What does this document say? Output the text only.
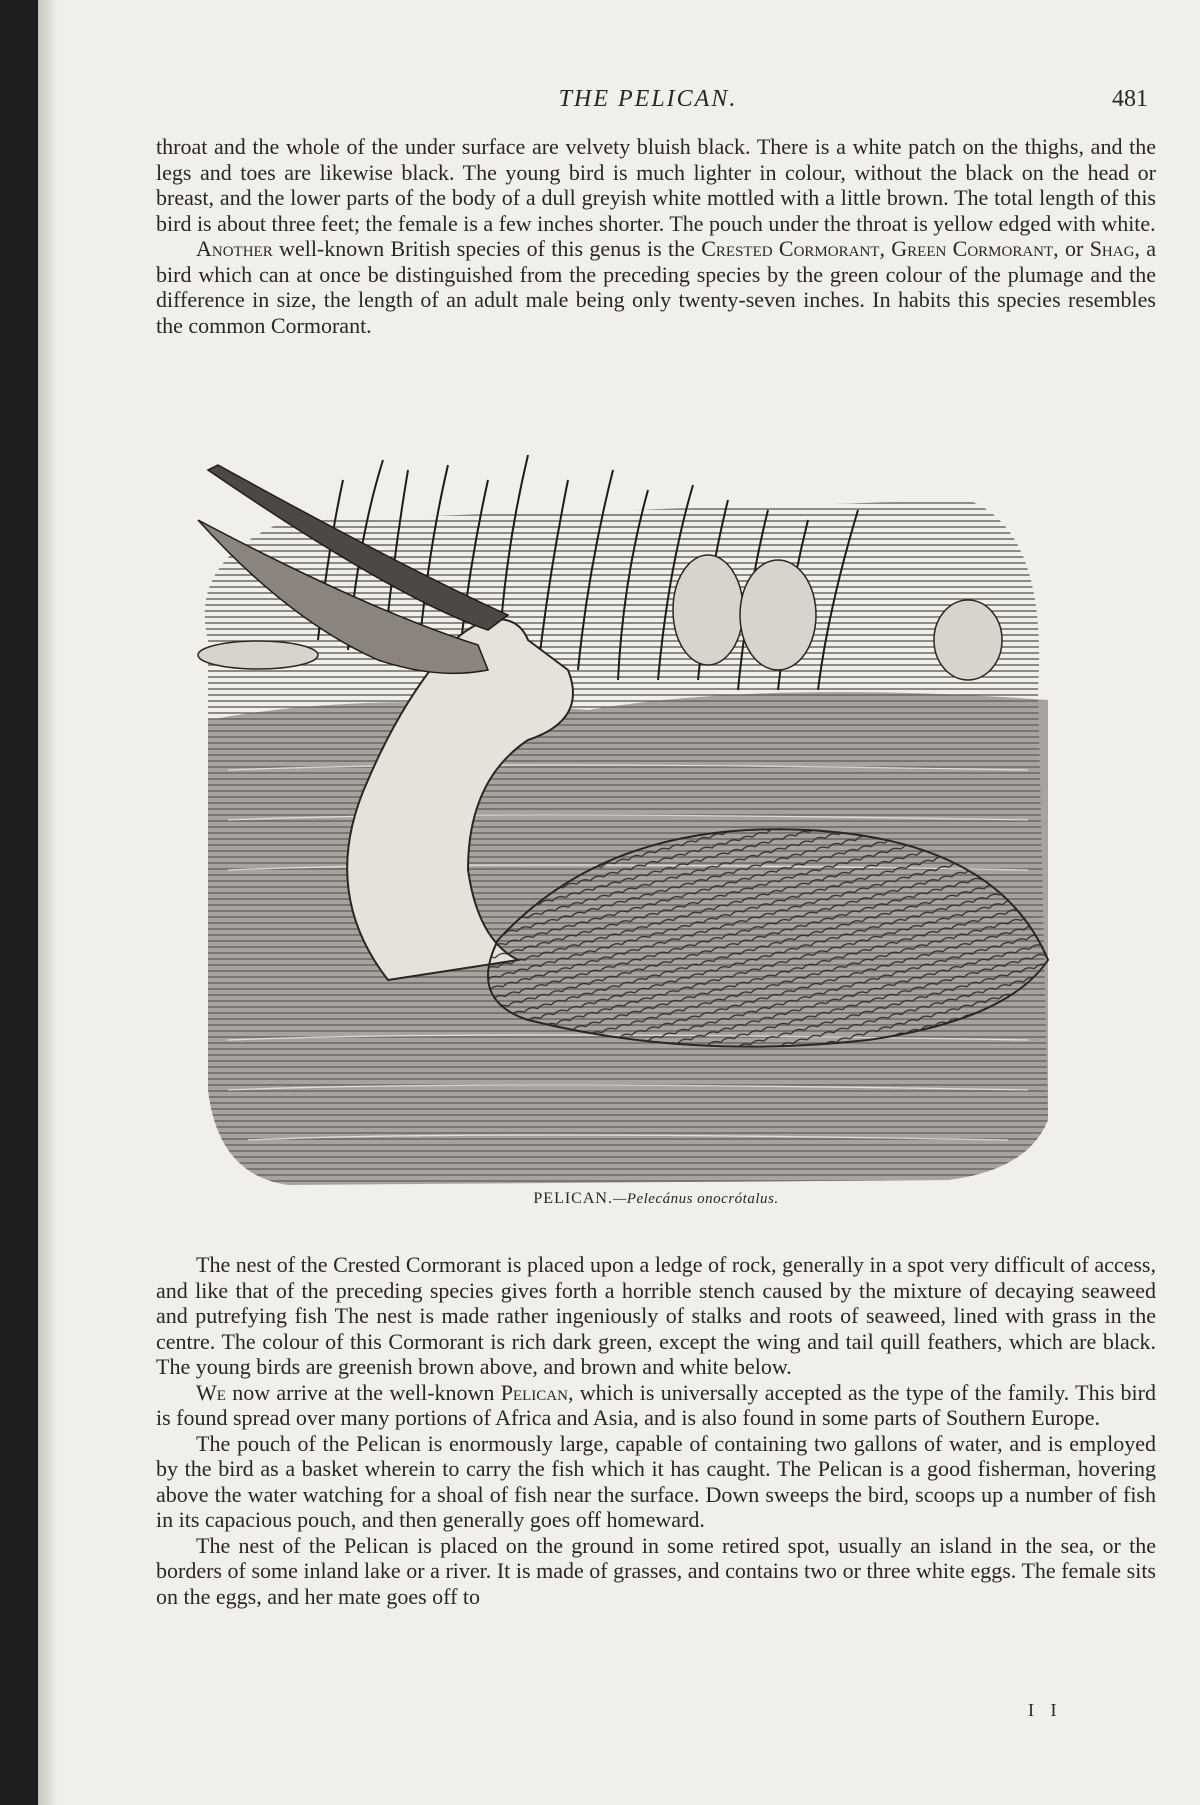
THE PELICAN.	481

throat and the whole of the under surface are velvety bluish black. There is a white patch on the thighs, and the legs and toes are likewise black. The young bird is much lighter in colour, without the black on the head or breast, and the lower parts of the body of a dull greyish white mottled with a little brown. The total length of this bird is about three feet; the female is a few inches shorter. The pouch under the throat is yellow edged with white.

Another well-known British species of this genus is the Crested Cormorant, Green Cormorant, or Shag, a bird which can at once be distinguished from the preceding species by the green colour of the plumage and the difference in size, the length of an adult male being only twenty-seven inches. In habits this species resembles the common Cormorant.

PELICAN.—Pelecánus onocrótalus.

The nest of the Crested Cormorant is placed upon a ledge of rock, generally in a spot very difficult of access, and like that of the preceding species gives forth a horrible stench caused by the mixture of decaying seaweed and putrefying fish The nest is made rather ingeniously of stalks and roots of seaweed, lined with grass in the centre. The colour of this Cormorant is rich dark green, except the wing and tail quill feathers, which are black. The young birds are greenish brown above, and brown and white below.

We now arrive at the well-known Pelican, which is universally accepted as the type of the family. This bird is found spread over many portions of Africa and Asia, and is also found in some parts of Southern Europe.

The pouch of the Pelican is enormously large, capable of containing two gallons of water, and is employed by the bird as a basket wherein to carry the fish which it has caught. The Pelican is a good fisherman, hovering above the water watching for a shoal of fish near the surface. Down sweeps the bird, scoops up a number of fish in its capacious pouch, and then generally goes off homeward.

The nest of the Pelican is placed on the ground in some retired spot, usually an island in the sea, or the borders of some inland lake or a river. It is made of grasses, and contains two or three white eggs. The female sits on the eggs, and her mate goes off to

I I
